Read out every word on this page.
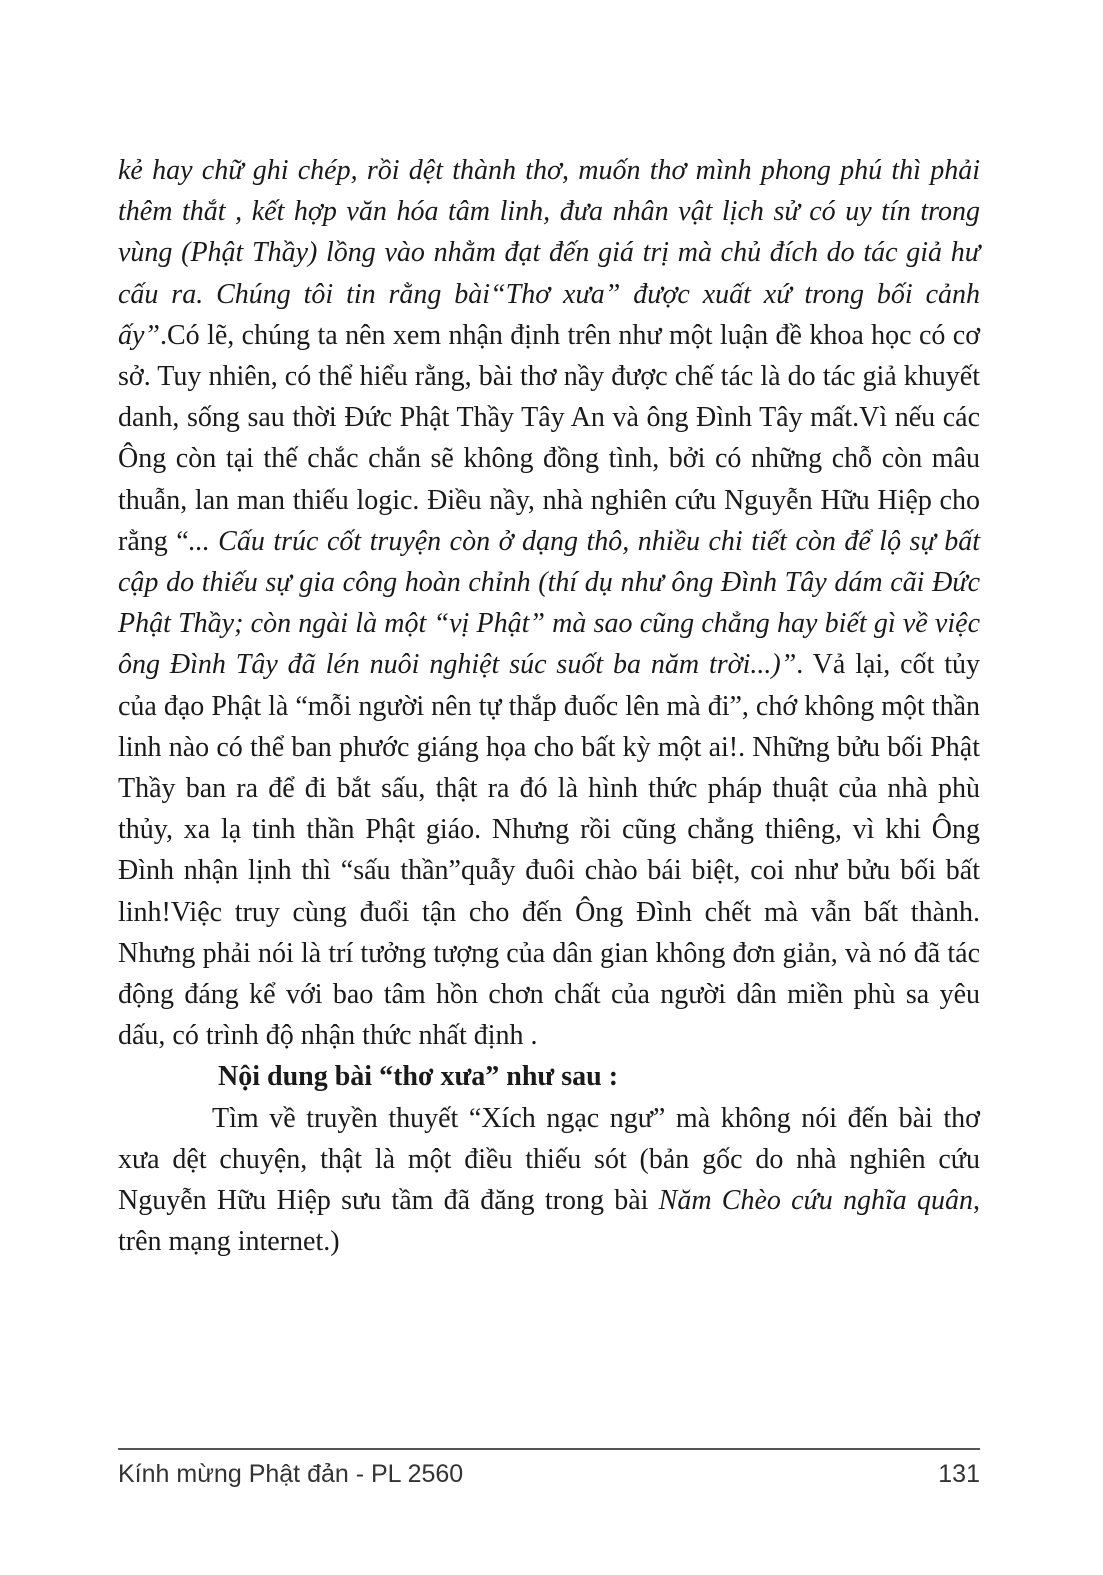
kẻ hay chữ ghi chép, rồi dệt thành thơ, muốn thơ mình phong phú thì phải thêm thắt , kết hợp văn hóa tâm linh, đưa nhân vật lịch sử có uy tín trong vùng (Phật Thầy) lồng vào nhằm đạt đến giá trị mà chủ đích do tác giả hư cấu ra. Chúng tôi tin rằng bài“Thơ xưa” được xuất xứ trong bối cảnh ấy”.Có lẽ, chúng ta nên xem nhận định trên như một luận đề khoa học có cơ sở. Tuy nhiên, có thể hiểu rằng, bài thơ nầy được chế tác là do tác giả khuyết danh, sống sau thời Đức Phật Thầy Tây An và ông Đình Tây mất.Vì nếu các Ông còn tại thế chắc chắn sẽ không đồng tình, bởi có những chỗ còn mâu thuẫn, lan man thiếu logic. Điều nầy, nhà nghiên cứu Nguyễn Hữu Hiệp cho rằng “... Cấu trúc cốt truyện còn ở dạng thô, nhiều chi tiết còn để lộ sự bất cập do thiếu sự gia công hoàn chỉnh (thí dụ như ông Đình Tây dám cãi Đức Phật Thầy; còn ngài là một “vị Phật” mà sao cũng chẳng hay biết gì về việc ông Đình Tây đã lén nuôi nghiệt súc suốt ba năm trời...)”. Vả lại, cốt tủy của đạo Phật là “mỗi người nên tự thắp đuốc lên mà đi”, chớ không một thần linh nào có thể ban phước giáng họa cho bất kỳ một ai!. Những bửu bối Phật Thầy ban ra để đi bắt sấu, thật ra đó là hình thức pháp thuật của nhà phù thủy, xa lạ tinh thần Phật giáo. Nhưng rồi cũng chẳng thiêng, vì khi Ông Đình nhận lịnh thì “sấu thần”quẫy đuôi chào bái biệt, coi như bửu bối bất linh!Việc truy cùng đuổi tận cho đến Ông Đình chết mà vẫn bất thành. Nhưng phải nói là trí tưởng tượng của dân gian không đơn giản, và nó đã tác động đáng kể với bao tâm hồn chơn chất của người dân miền phù sa yêu dấu, có trình độ nhận thức nhất định .

Nội dung bài “thơ xưa” như sau :

Tìm về truyền thuyết “Xích ngạc ngư” mà không nói đến bài thơ xưa dệt chuyện, thật là một điều thiếu sót (bản gốc do nhà nghiên cứu Nguyễn Hữu Hiệp sưu tầm đã đăng trong bài Năm Chèo cứu nghĩa quân, trên mạng internet.)

Kính mừng Phật đản - PL 2560	131
